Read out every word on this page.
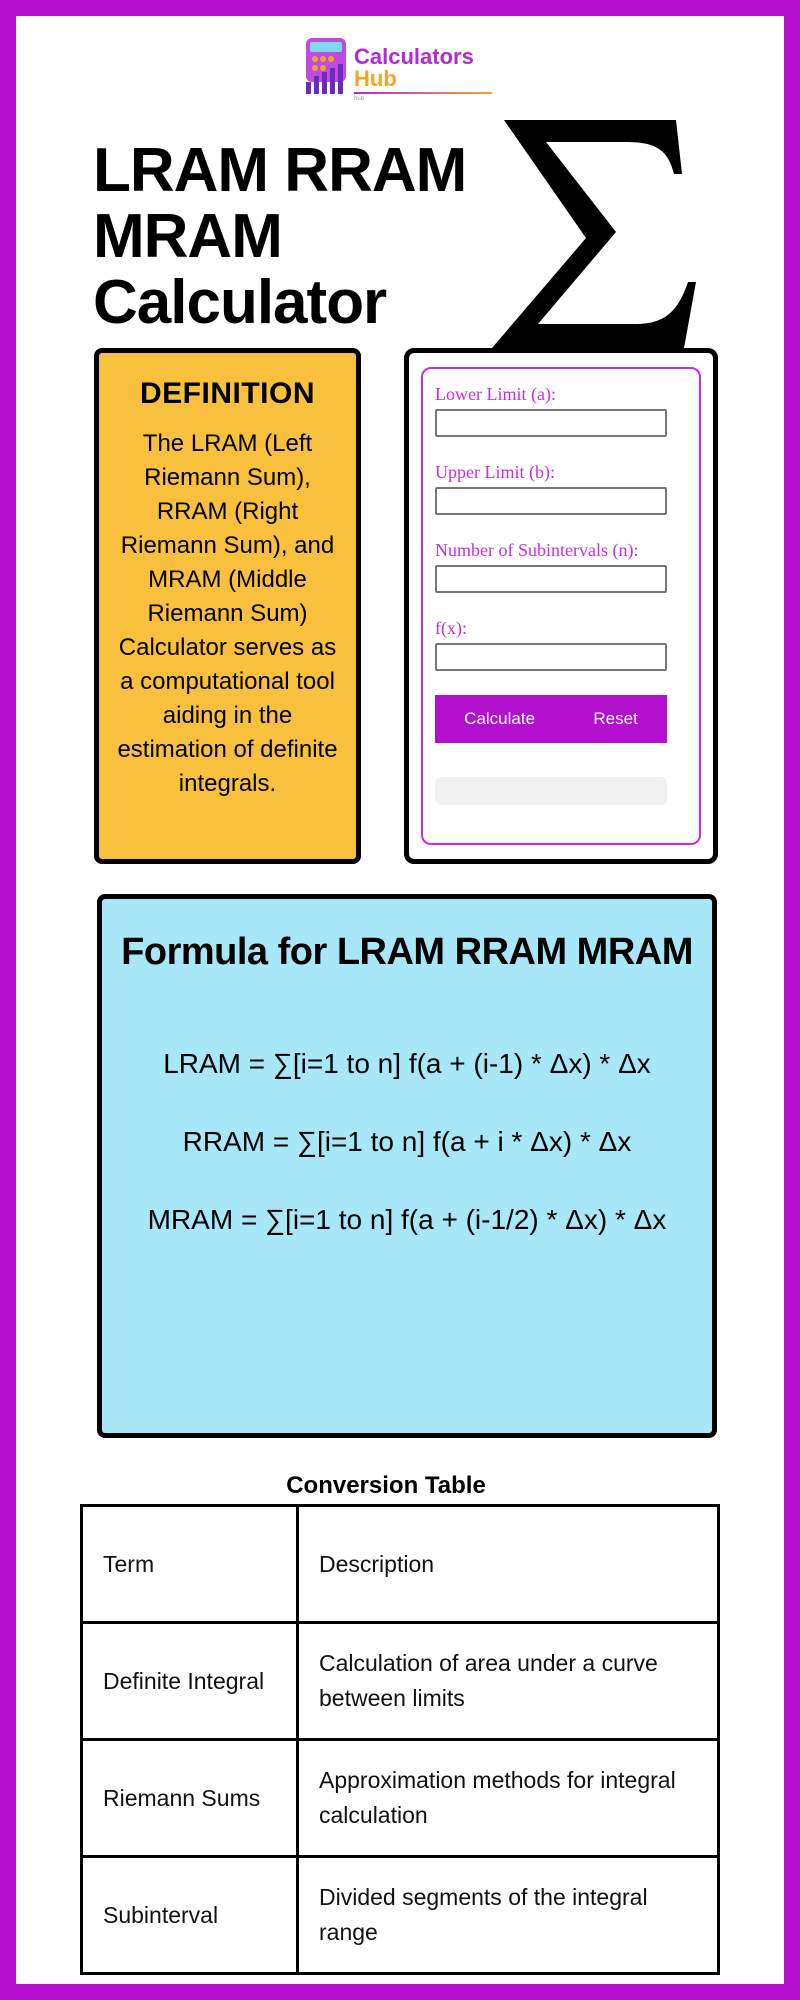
Calculators
Hub
hub
LRAM RRAM MRAM Calculator
DEFINITION
The LRAM (Left Riemann Sum), RRAM (Right Riemann Sum), and MRAM (Middle Riemann Sum) Calculator serves as a computational tool aiding in the estimation of definite integrals.
Lower Limit (a):
Upper Limit (b):
Number of Subintervals (n):
f(x):
Calculate	Reset
Formula for LRAM RRAM MRAM
LRAM = ∑[i=1 to n] f(a + (i-1) * Δx) * Δx
RRAM = ∑[i=1 to n] f(a + i * Δx) * Δx
MRAM = ∑[i=1 to n] f(a + (i-1/2) * Δx) * Δx
Conversion Table
Term	Description
Definite Integral	Calculation of area under a curve between limits
Riemann Sums	Approximation methods for integral calculation
Subinterval	Divided segments of the integral range
